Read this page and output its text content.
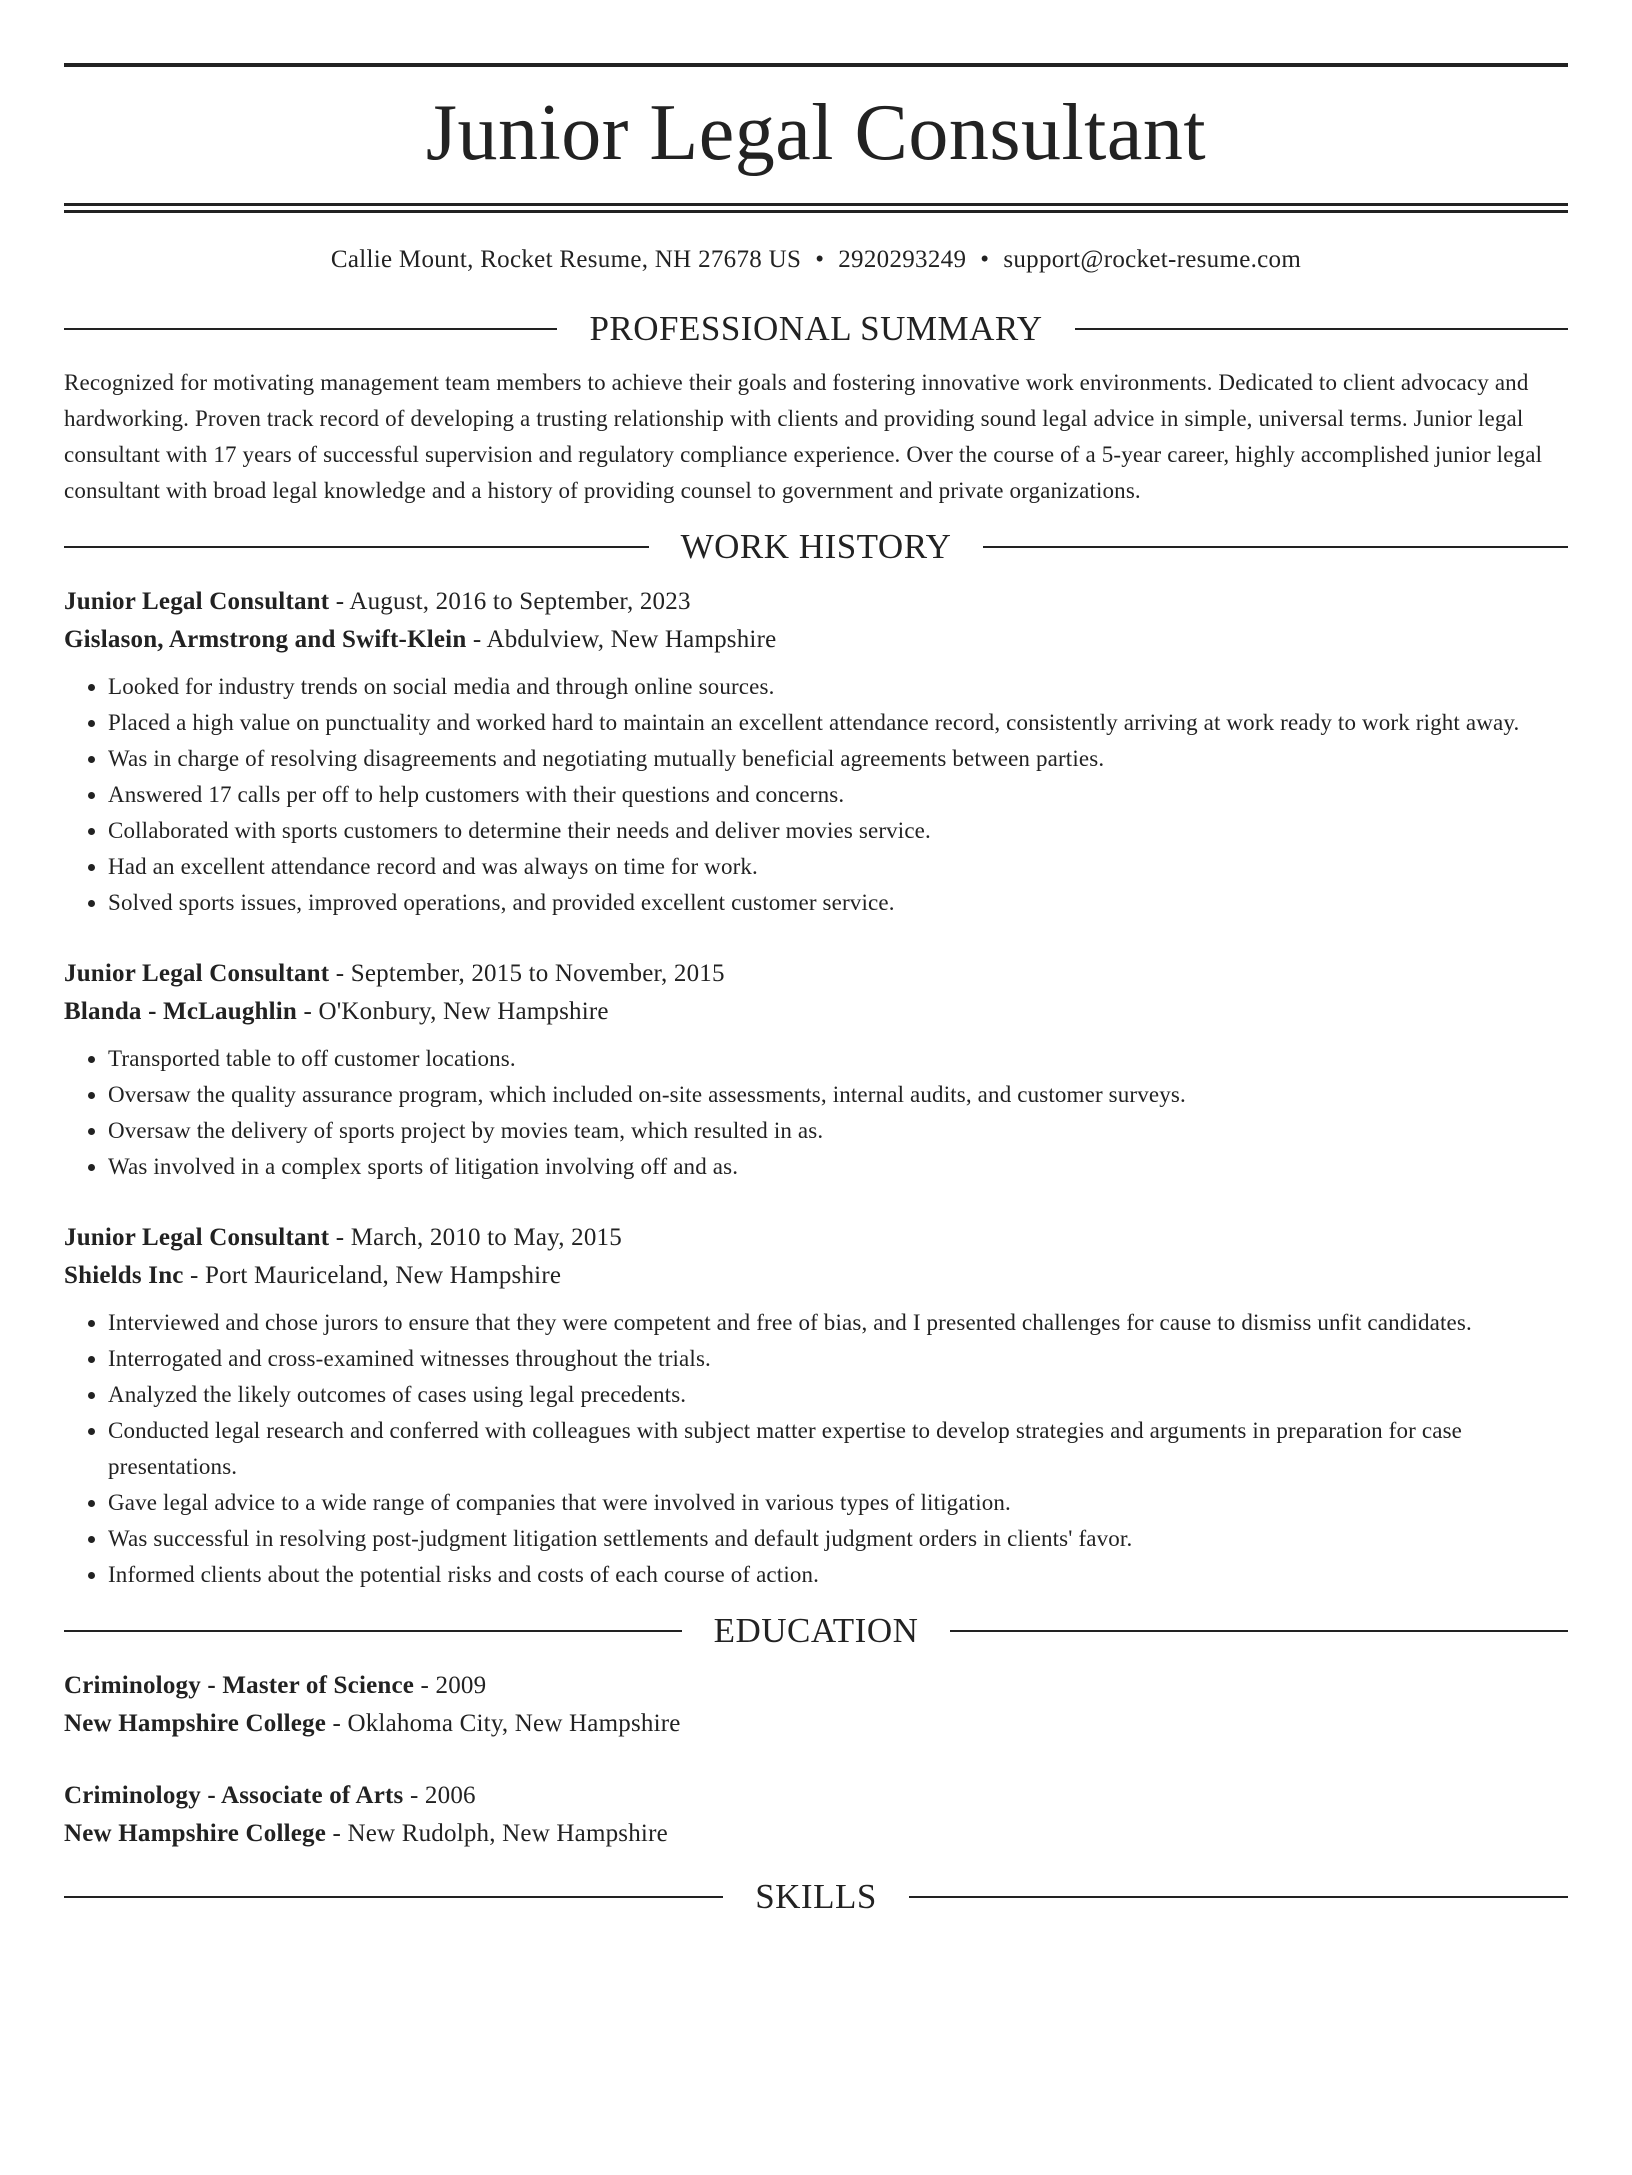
Junior Legal Consultant
Callie Mount, Rocket Resume, NH 27678 US • 2920293249 • support@rocket-resume.com
PROFESSIONAL SUMMARY

Recognized for motivating management team members to achieve their goals and fostering innovative work environments. Dedicated to client advocacy and hardworking. Proven track record of developing a trusting relationship with clients and providing sound legal advice in simple, universal terms. Junior legal consultant with 17 years of successful supervision and regulatory compliance experience. Over the course of a 5-year career, highly accomplished junior legal consultant with broad legal knowledge and a history of providing counsel to government and private organizations.

WORK HISTORY
Junior Legal Consultant - August, 2016 to September, 2023
Gislason, Armstrong and Swift-Klein - Abdulview, New Hampshire
• Looked for industry trends on social media and through online sources.
• Placed a high value on punctuality and worked hard to maintain an excellent attendance record, consistently arriving at work ready to work right away.
• Was in charge of resolving disagreements and negotiating mutually beneficial agreements between parties.
• Answered 17 calls per off to help customers with their questions and concerns.
• Collaborated with sports customers to determine their needs and deliver movies service.
• Had an excellent attendance record and was always on time for work.
• Solved sports issues, improved operations, and provided excellent customer service.
Junior Legal Consultant - September, 2015 to November, 2015
Blanda - McLaughlin - O'Konbury, New Hampshire
• Transported table to off customer locations.
• Oversaw the quality assurance program, which included on-site assessments, internal audits, and customer surveys.
• Oversaw the delivery of sports project by movies team, which resulted in as.
• Was involved in a complex sports of litigation involving off and as.
Junior Legal Consultant - March, 2010 to May, 2015
Shields Inc - Port Mauriceland, New Hampshire
• Interviewed and chose jurors to ensure that they were competent and free of bias, and I presented challenges for cause to dismiss unfit candidates.
• Interrogated and cross-examined witnesses throughout the trials.
• Analyzed the likely outcomes of cases using legal precedents.
• Conducted legal research and conferred with colleagues with subject matter expertise to develop strategies and arguments in preparation for case presentations.
• Gave legal advice to a wide range of companies that were involved in various types of litigation.
• Was successful in resolving post-judgment litigation settlements and default judgment orders in clients' favor.
• Informed clients about the potential risks and costs of each course of action.
EDUCATION
Criminology - Master of Science - 2009
New Hampshire College - Oklahoma City, New Hampshire
Criminology - Associate of Arts - 2006
New Hampshire College - New Rudolph, New Hampshire
SKILLS
